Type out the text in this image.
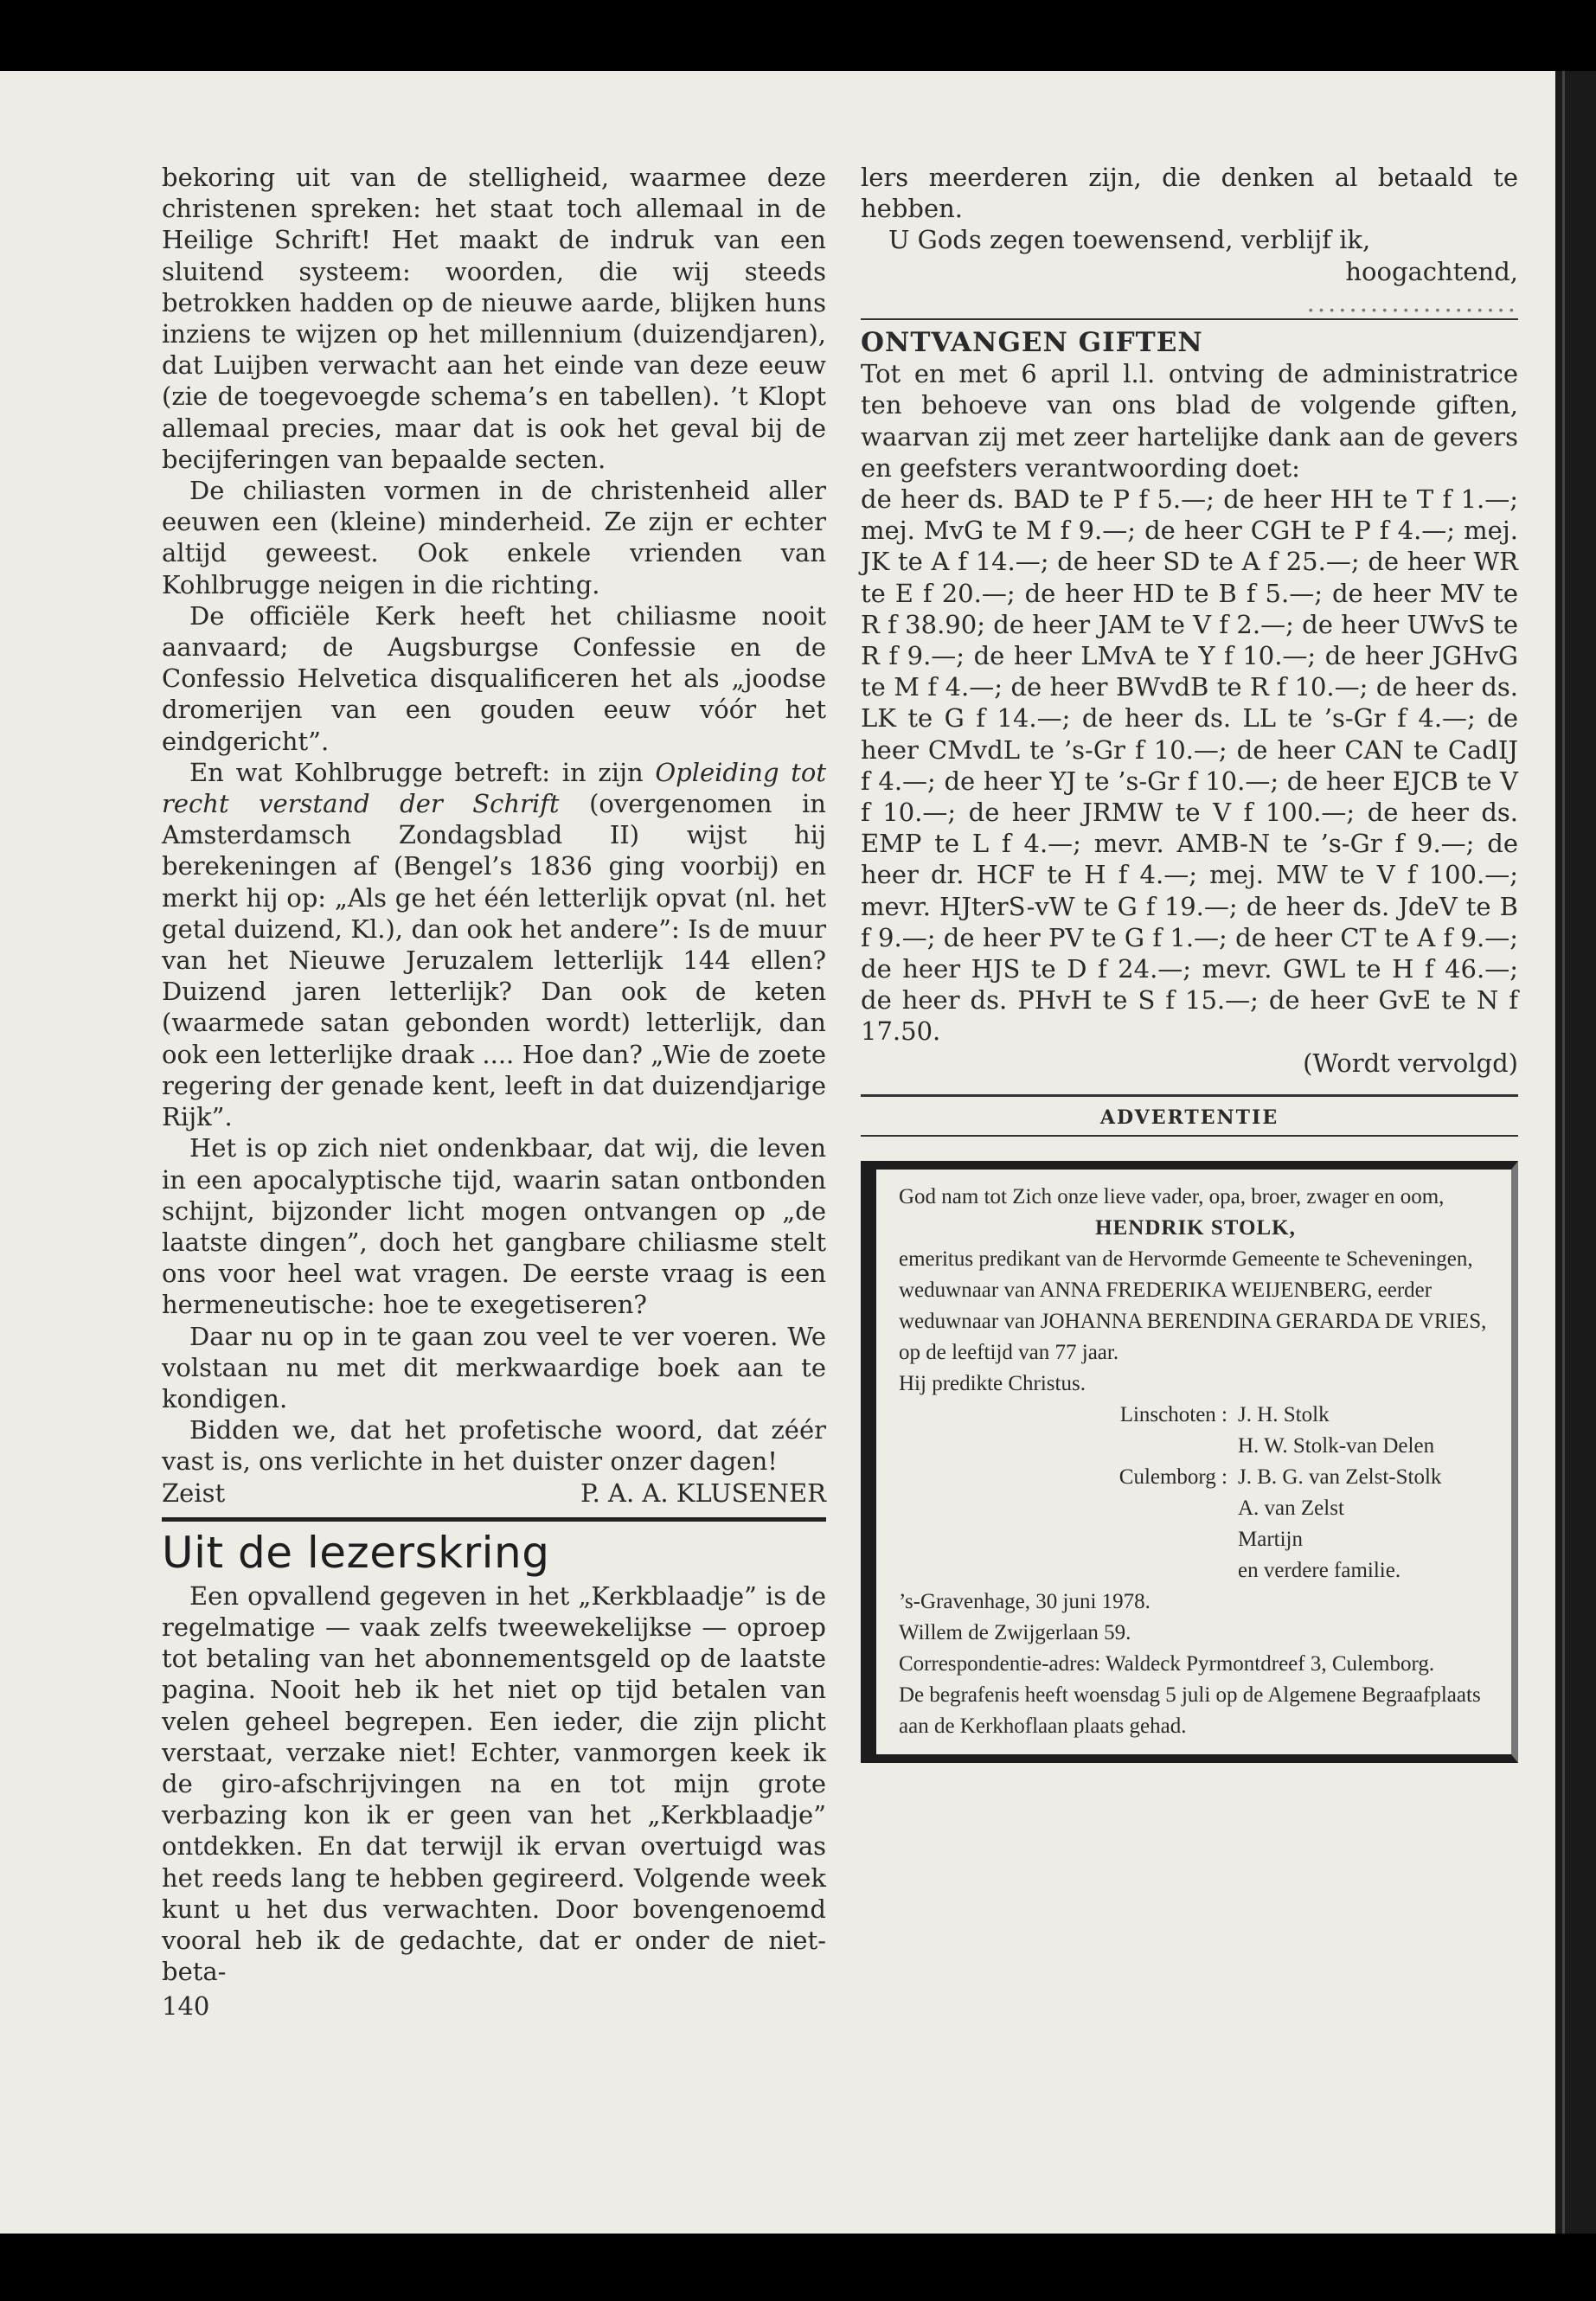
bekoring uit van de stelligheid, waarmee deze christenen spreken: het staat toch allemaal in de Heilige Schrift! Het maakt de indruk van een sluitend systeem: woorden, die wij steeds betrokken hadden op de nieuwe aarde, blijken huns inziens te wijzen op het millennium (duizendjaren), dat Luijben verwacht aan het einde van deze eeuw (zie de toegevoegde schema’s en tabellen). ’t Klopt allemaal precies, maar dat is ook het geval bij de becijferingen van bepaalde secten.

De chiliasten vormen in de christenheid aller eeuwen een (kleine) minderheid. Ze zijn er echter altijd geweest. Ook enkele vrienden van Kohlbrugge neigen in die richting.

De officiële Kerk heeft het chiliasme nooit aanvaard; de Augsburgse Confessie en de Confessio Helvetica disqualificeren het als „joodse dromerijen van een gouden eeuw vóór het eindgericht”.

En wat Kohlbrugge betreft: in zijn Opleiding tot recht verstand der Schrift (overgenomen in Amsterdamsch Zondagsblad II) wijst hij berekeningen af (Bengel’s 1836 ging voorbij) en merkt hij op: „Als ge het één letterlijk opvat (nl. het getal duizend, Kl.), dan ook het andere”: Is de muur van het Nieuwe Jeruzalem letterlijk 144 ellen? Duizend jaren letterlijk? Dan ook de keten (waarmede satan gebonden wordt) letterlijk, dan ook een letterlijke draak .... Hoe dan? „Wie de zoete regering der genade kent, leeft in dat duizendjarige Rijk”.

Het is op zich niet ondenkbaar, dat wij, die leven in een apocalyptische tijd, waarin satan ontbonden schijnt, bijzonder licht mogen ontvangen op „de laatste dingen”, doch het gangbare chiliasme stelt ons voor heel wat vragen. De eerste vraag is een hermeneutische: hoe te exegetiseren?

Daar nu op in te gaan zou veel te ver voeren. We volstaan nu met dit merkwaardige boek aan te kondigen.

Bidden we, dat het profetische woord, dat zéér vast is, ons verlichte in het duister onzer dagen!

Zeist	P. A. A. KLUSENER
Uit de lezerskring

Een opvallend gegeven in het „Kerkblaadje” is de regelmatige — vaak zelfs tweewekelijkse — oproep tot betaling van het abonnementsgeld op de laatste pagina. Nooit heb ik het niet op tijd betalen van velen geheel begrepen. Een ieder, die zijn plicht verstaat, verzake niet! Echter, vanmorgen keek ik de giro-afschrijvingen na en tot mijn grote verbazing kon ik er geen van het „Kerkblaadje” ontdekken. En dat terwijl ik ervan overtuigd was het reeds lang te hebben gegireerd. Volgende week kunt u het dus verwachten. Door bovengenoemd vooral heb ik de gedachte, dat er onder de niet-beta-

140

lers meerderen zijn, die denken al betaald te hebben.

U Gods zegen toewensend, verblijf ik,

hoogachtend,

....................

ONTVANGEN GIFTEN

Tot en met 6 april l.l. ontving de administratrice ten behoeve van ons blad de volgende giften, waarvan zij met zeer hartelijke dank aan de gevers en geefsters verantwoording doet:

de heer ds. BAD te P f 5.—; de heer HH te T f 1.—; mej. MvG te M f 9.—; de heer CGH te P f 4.—; mej. JK te A f 14.—; de heer SD te A f 25.—; de heer WR te E f 20.—; de heer HD te B f 5.—; de heer MV te R f 38.90; de heer JAM te V f 2.—; de heer UWvS te R f 9.—; de heer LMvA te Y f 10.—; de heer JGHvG te M f 4.—; de heer BWvdB te R f 10.—; de heer ds. LK te G f 14.—; de heer ds. LL te ’s-Gr f 4.—; de heer CMvdL te ’s-Gr f 10.—; de heer CAN te CadIJ f 4.—; de heer YJ te ’s-Gr f 10.—; de heer EJCB te V f 10.—; de heer JRMW te V f 100.—; de heer ds. EMP te L f 4.—; mevr. AMB-N te ’s-Gr f 9.—; de heer dr. HCF te H f 4.—; mej. MW te V f 100.—; mevr. HJterS-vW te G f 19.—; de heer ds. JdeV te B f 9.—; de heer PV te G f 1.—; de heer CT te A f 9.—; de heer HJS te D f 24.—; mevr. GWL te H f 46.—; de heer ds. PHvH te S f 15.—; de heer GvE te N f 17.50.

(Wordt vervolgd)

ADVERTENTIE

God nam tot Zich onze lieve vader, opa, broer, zwager en oom,

HENDRIK STOLK,

emeritus predikant van de Hervormde Gemeente te Scheveningen,

weduwnaar van ANNA FREDERIKA WEIJENBERG, eerder weduwnaar van JOHANNA BERENDINA GERARDA DE VRIES,

op de leeftijd van 77 jaar.

Hij predikte Christus.

Linschoten : J. H. Stolk
H. W. Stolk-van Delen
Culemborg : J. B. G. van Zelst-Stolk
A. van Zelst
Martijn
en verdere familie.

’s-Gravenhage, 30 juni 1978.

Willem de Zwijgerlaan 59.

Correspondentie-adres: Waldeck Pyrmontdreef 3, Culemborg.

De begrafenis heeft woensdag 5 juli op de Algemene Begraafplaats aan de Kerkhoflaan plaats gehad.
